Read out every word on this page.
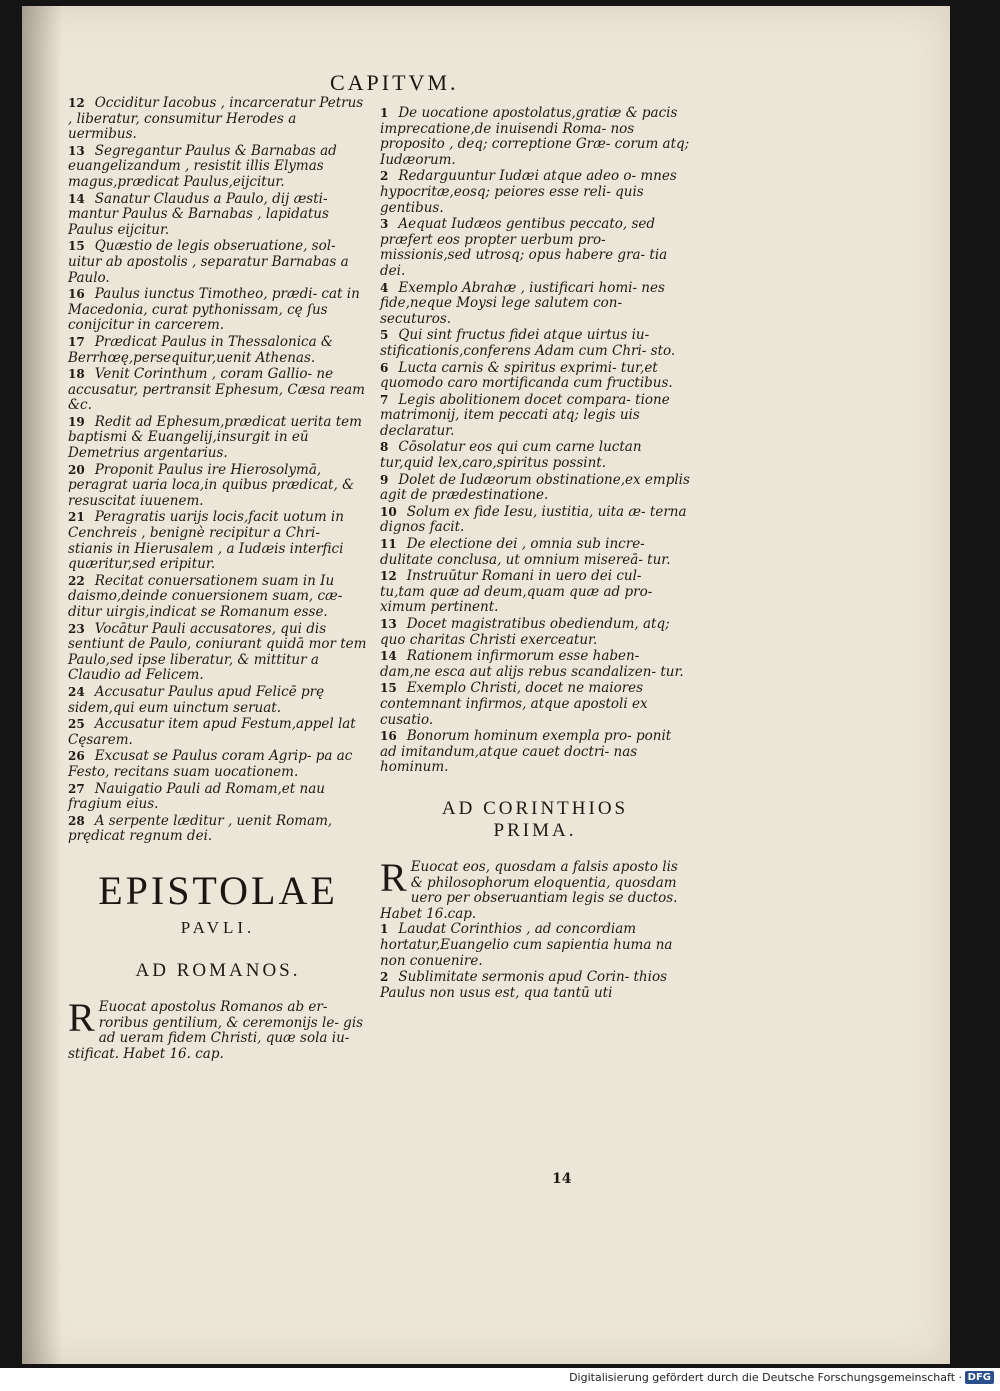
CAPITVM.

12 Occiditur Iacobus , incarceratur Petrus , liberatur, consumitur Herodes a uermibus.

13 Segregantur Paulus & Barnabas ad euangelizandum , resistit illis Elymas magus,prædicat Paulus,eijcitur.

14 Sanatur Claudus a Paulo, dij æsti- mantur Paulus & Barnabas , lapidatus Paulus eijcitur.

15 Quæstio de legis obseruatione, sol- uitur ab apostolis , separatur Barnabas a Paulo.

16 Paulus iunctus Timotheo, prædi- cat in Macedonia, curat pythonissam, cę ſus conijcitur in carcerem.

17 Prædicat Paulus in Thessalonica & Berrhœę,persequitur,uenit Athenas.

18 Venit Corinthum , coram Gallio- ne accusatur, pertransit Ephesum, Cæsa ream &c.

19 Redit ad Ephesum,prædicat uerita tem baptismi & Euangelij,insurgit in eū Demetrius argentarius.

20 Proponit Paulus ire Hierosolymā, peragrat uaria loca,in quibus prædicat, & resuscitat iuuenem.

21 Peragratis uarijs locis,facit uotum in Cenchreis , benignè recipitur a Chri- stianis in Hierusalem , a Iudæis interfici quæritur,sed eripitur.

22 Recitat conuersationem suam in Iu daismo,deinde conuersionem suam, cæ- ditur uirgis,indicat se Romanum esse.

23 Vocātur Pauli accusatores, qui dis sentiunt de Paulo, coniurant quidā mor tem Paulo,sed ipse liberatur, & mittitur a Claudio ad Felicem.

24 Accusatur Paulus apud Felicē prę sidem,qui eum uinctum seruat.

25 Accusatur item apud Festum,appel lat Cęsarem.

26 Excusat se Paulus coram Agrip- pa ac Festo, recitans suam uocationem.

27 Nauigatio Pauli ad Romam,et nau fragium eius.

28 A serpente læditur , uenit Romam, prędicat regnum dei.

EPISTOLAE
PAVLI.
AD ROMANOS.
R Euocat apostolus Romanos ab er- roribus gentilium, & ceremonijs le- gis ad ueram fidem Christi, quæ sola iu- stificat. Habet 16. cap.

1 De uocatione apostolatus,gratiæ & pacis imprecatione,de inuisendi Roma- nos proposito , deq; correptione Græ- corum atq; Iudæorum.

2 Redarguuntur Iudæi atque adeo o- mnes hypocritæ,eosq; peiores esse reli- quis gentibus.

3 Aequat Iudæos gentibus peccato, sed præfert eos propter uerbum pro- missionis,sed utrosq; opus habere gra- tia dei.

4 Exemplo Abrahæ , iustificari homi- nes fide,neque Moysi lege salutem con- secuturos.

5 Qui sint fructus fidei atque uirtus iu- stificationis,conferens Adam cum Chri- sto.

6 Lucta carnis & spiritus exprimi- tur,et quomodo caro mortificanda cum fructibus.

7 Legis abolitionem docet compara- tione matrimonij, item peccati atq; legis uis declaratur.

8 Cōsolatur eos qui cum carne luctan tur,quid lex,caro,spiritus possint.

9 Dolet de Iudæorum obstinatione,ex emplis agit de prædestinatione.

10 Solum ex fide Iesu, iustitia, uita æ- terna dignos facit.

11 De electione dei , omnia sub incre- dulitate conclusa, ut omnium misereā- tur.

12 Instruūtur Romani in uero dei cul- tu,tam quæ ad deum,quam quæ ad pro- ximum pertinent.

13 Docet magistratibus obediendum, atq; quo charitas Christi exerceatur.

14 Rationem infirmorum esse haben- dam,ne esca aut alijs rebus scandalizen- tur.

15 Exemplo Christi, docet ne maiores contemnant infirmos, atque apostoli ex cusatio.

16 Bonorum hominum exempla pro- ponit ad imitandum,atque cauet doctri- nas hominum.

AD CORINTHIOS
PRIMA.
R Euocat eos, quosdam a falsis aposto lis & philosophorum eloquentia, quosdam uero per obseruantiam legis se ductos. Habet 16.cap.

1 Laudat Corinthios , ad concordiam hortatur,Euangelio cum sapientia huma na non conuenire.

2 Sublimitate sermonis apud Corin- thios Paulus non usus est, qua tantū uti

14
Digitalisierung gefördert durch die Deutsche Forschungsgemeinschaft · DFG
